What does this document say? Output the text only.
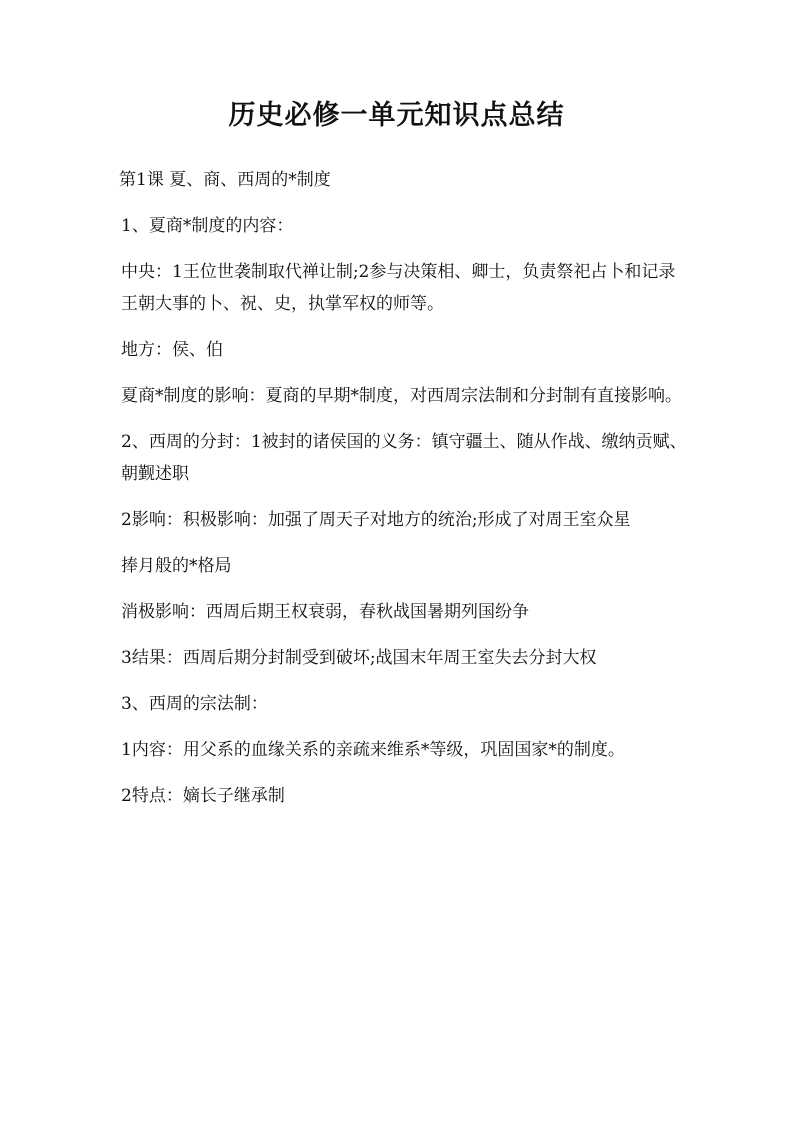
历史必修一单元知识点总结

第1课 夏、商、西周的*制度

1、夏商*制度的内容：

中央：1王位世袭制取代禅让制;2参与决策相、卿士，负责祭祀占卜和记录王朝大事的卜、祝、史，执掌军权的师等。

地方：侯、伯

夏商*制度的影响：夏商的早期*制度，对西周宗法制和分封制有直接影响。

2、西周的分封：1被封的诸侯国的义务：镇守疆土、随从作战、缴纳贡赋、朝觐述职

2影响：积极影响：加强了周天子对地方的统治;形成了对周王室众星

捧月般的*格局

消极影响：西周后期王权衰弱，春秋战国暑期列国纷争

3结果：西周后期分封制受到破坏;战国末年周王室失去分封大权

3、西周的宗法制：

1内容：用父系的血缘关系的亲疏来维系*等级，巩固国家*的制度。

2特点：嫡长子继承制
